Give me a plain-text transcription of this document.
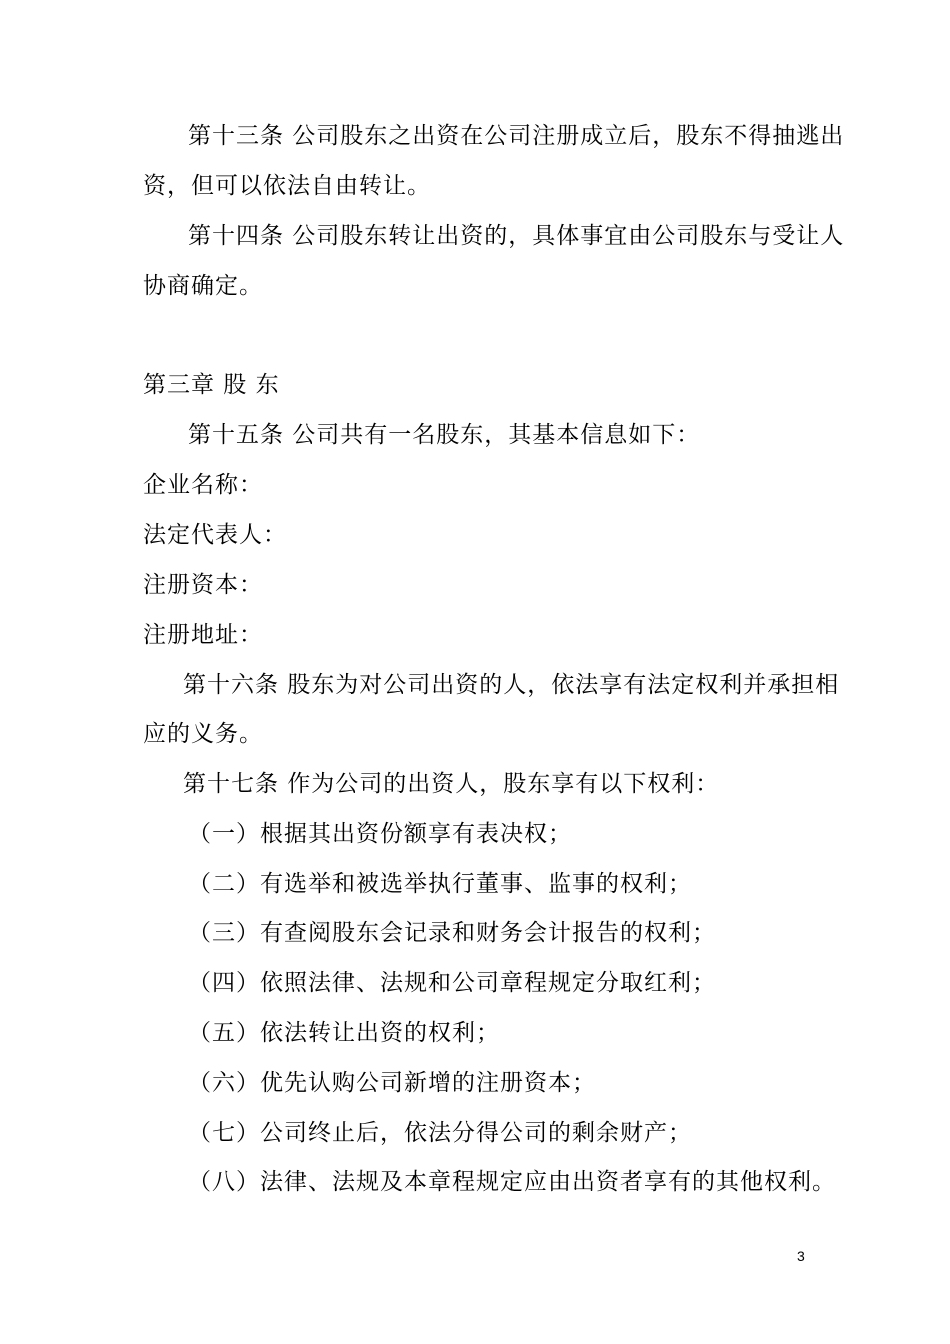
第十三条 公司股东之出资在公司注册成立后，股东不得抽逃出
资，但可以依法自由转让。
第十四条 公司股东转让出资的，具体事宜由公司股东与受让人
协商确定。
第三章 股 东
第十五条 公司共有一名股东，其基本信息如下：
企业名称：
法定代表人：
注册资本：
注册地址：
第十六条 股东为对公司出资的人，依法享有法定权利并承担相
应的义务。
第十七条 作为公司的出资人，股东享有以下权利：
（一）根据其出资份额享有表决权；
（二）有选举和被选举执行董事、监事的权利；
（三）有查阅股东会记录和财务会计报告的权利；
（四）依照法律、法规和公司章程规定分取红利；
（五）依法转让出资的权利；
（六）优先认购公司新增的注册资本；
（七）公司终止后，依法分得公司的剩余财产；
（八）法律、法规及本章程规定应由出资者享有的其他权利。
3
